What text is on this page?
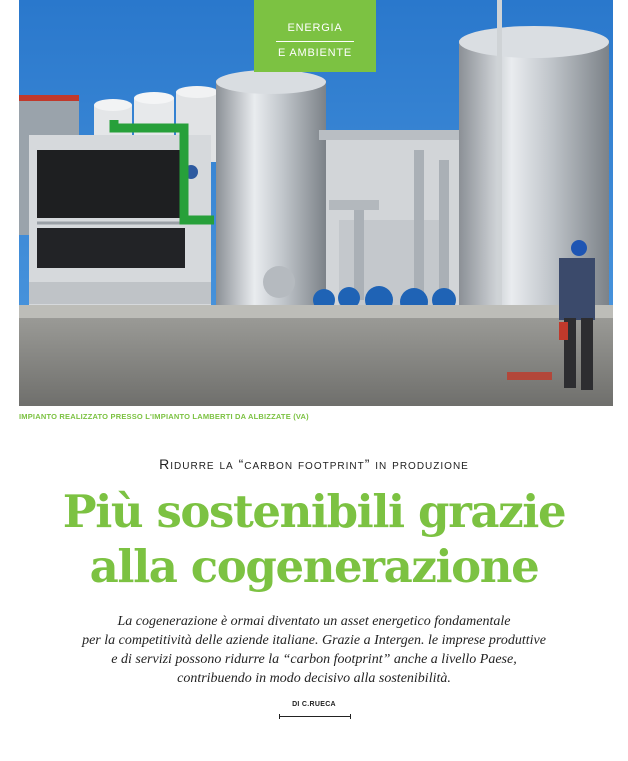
ENERGIA
E AMBIENTE
IMPIANTO REALIZZATO PRESSO L'IMPIANTO LAMBERTI DA ALBIZZATE (VA)
Ridurre la “carbon footprint” in produzione
Più sostenibili grazie
alla cogenerazione
La cogenerazione è ormai diventato un asset energetico fondamentale
per la competitività delle aziende italiane. Grazie a Intergen. le imprese produttive
e di servizi possono ridurre la “carbon footprint” anche a livello Paese,
contribuendo in modo decisivo alla sostenibilità.
DI C.RUECA
